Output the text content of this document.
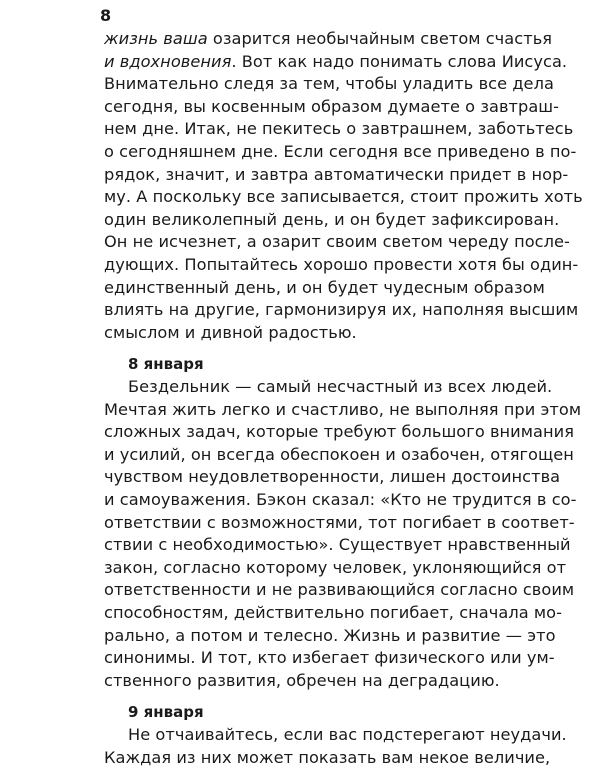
8
жизнь ваша озарится необычайным светом счастья
и вдохновения. Вот как надо понимать слова Иисуса.
Внимательно следя за тем, чтобы уладить все дела
сегодня, вы косвенным образом думаете о завтраш-
нем дне. Итак, не пекитесь о завтрашнем, заботьтесь
о сегодняшнем дне. Если сегодня все приведено в по-
рядок, значит, и завтра автоматически придет в нор-
му. А поскольку все записывается, стоит прожить хоть
один великолепный день, и он будет зафиксирован.
Он не исчезнет, а озарит своим светом череду после-
дующих. Попытайтесь хорошо провести хотя бы один-
единственный день, и он будет чудесным образом
влиять на другие, гармонизируя их, наполняя высшим
смыслом и дивной радостью.
8 января
Бездельник — самый несчастный из всех людей.
Мечтая жить легко и счастливо, не выполняя при этом
сложных задач, которые требуют большого внимания
и усилий, он всегда обеспокоен и озабочен, отягощен
чувством неудовлетворенности, лишен достоинства
и самоуважения. Бэкон сказал: «Кто не трудится в со-
ответствии с возможностями, тот погибает в соответ-
ствии с необходимостью». Существует нравственный
закон, согласно которому человек, уклоняющийся от
ответственности и не развивающийся согласно своим
способностям, действительно погибает, сначала мо-
рально, а потом и телесно. Жизнь и развитие — это
синонимы. И тот, кто избегает физического или ум-
ственного развития, обречен на деградацию.
9 января
Не отчаивайтесь, если вас подстерегают неудачи.
Каждая из них может показать вам некое величие,
